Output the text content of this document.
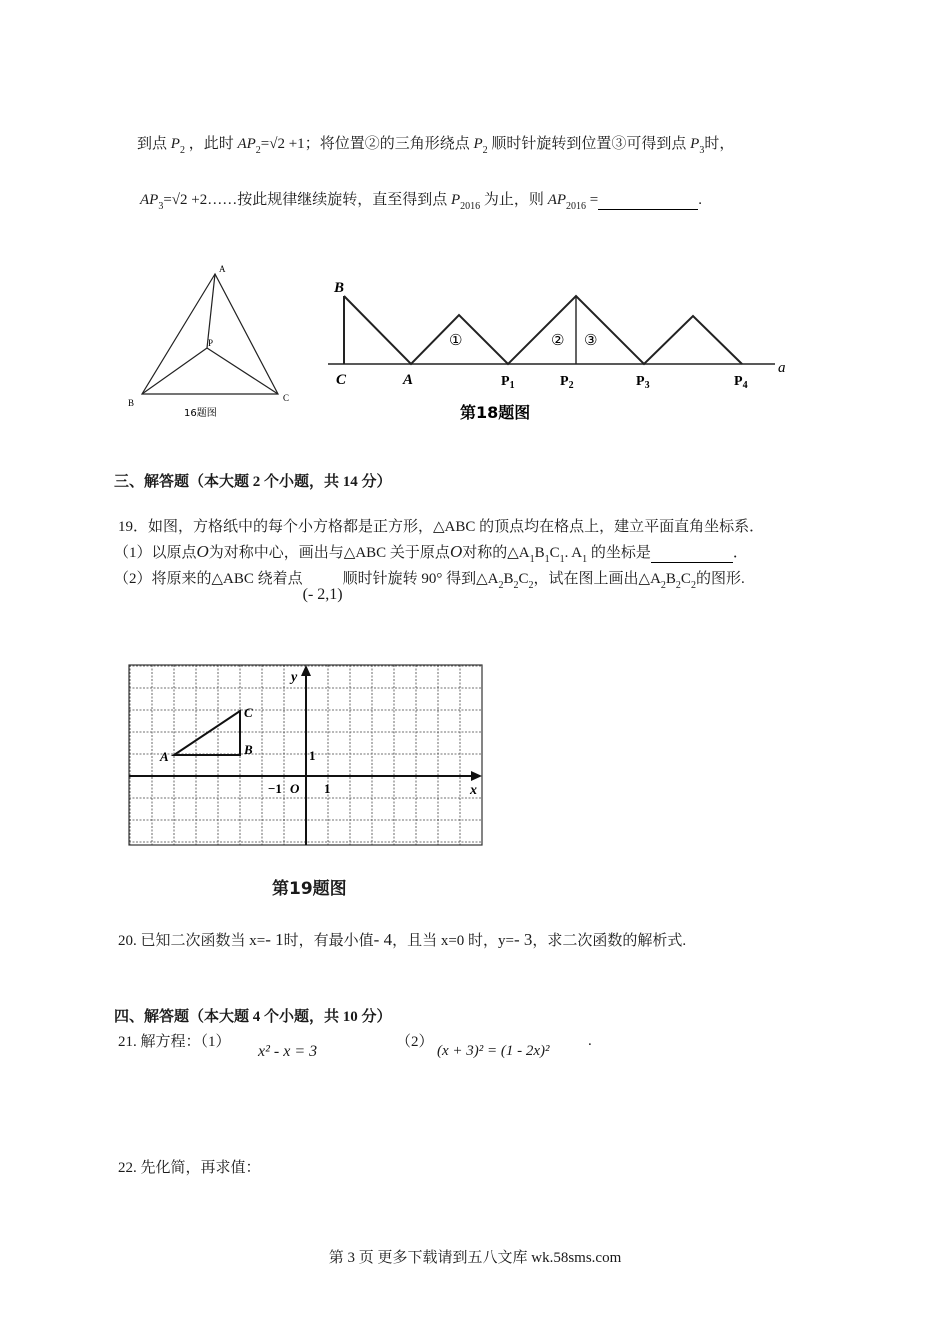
到点 $P_2$ ，此时 $AP_2=√2 +1$；将位置②的三角形绕点 $P_2$ 顺时针旋转到位置③可得到点 $P_3$时，
$AP_3=√2$ +2……按此规律继续旋转，直至得到点 $P_{2016}$ 为止，则 $AP_{2016}$ =	.
A
P
B	C
16题图
B
C	A	$P_1$	$P_2$	$P_3$	$P_4$
a
①	② ③
第18题图
三、解答题（本大题 2 个小题，共 14 分）
19．如图，方格纸中的每个小方格都是正方形，△ABC 的顶点均在格点上，建立平面直角坐标系．
（1）以原点O为对称中心，画出与△ABC 关于原点O对称的$\triangle A_1B_1C_1$. $A_1$ 的坐标是	．
（2）将原来的△ABC 绕着点(- 2,1)顺时针旋转 90° 得到$\triangle A_2B_2C_2$，试在图上画出$\triangle A_2B_2C_2$的图形.
y
x
A	B
C
1
−1 O 1
第19题图
20. 已知二次函数当 x=- 1时，有最小值- 4，且当 x=0 时，y=- 3，求二次函数的解析式.
四、解答题（本大题 4 个小题，共 10 分）
21. 解方程：（1）
x² - x = 3
（2）
(x + 3)² = (1 - 2x)²
.
22. 先化简，再求值：
第 3 页 更多下载请到五八文库 wk.58sms.com
